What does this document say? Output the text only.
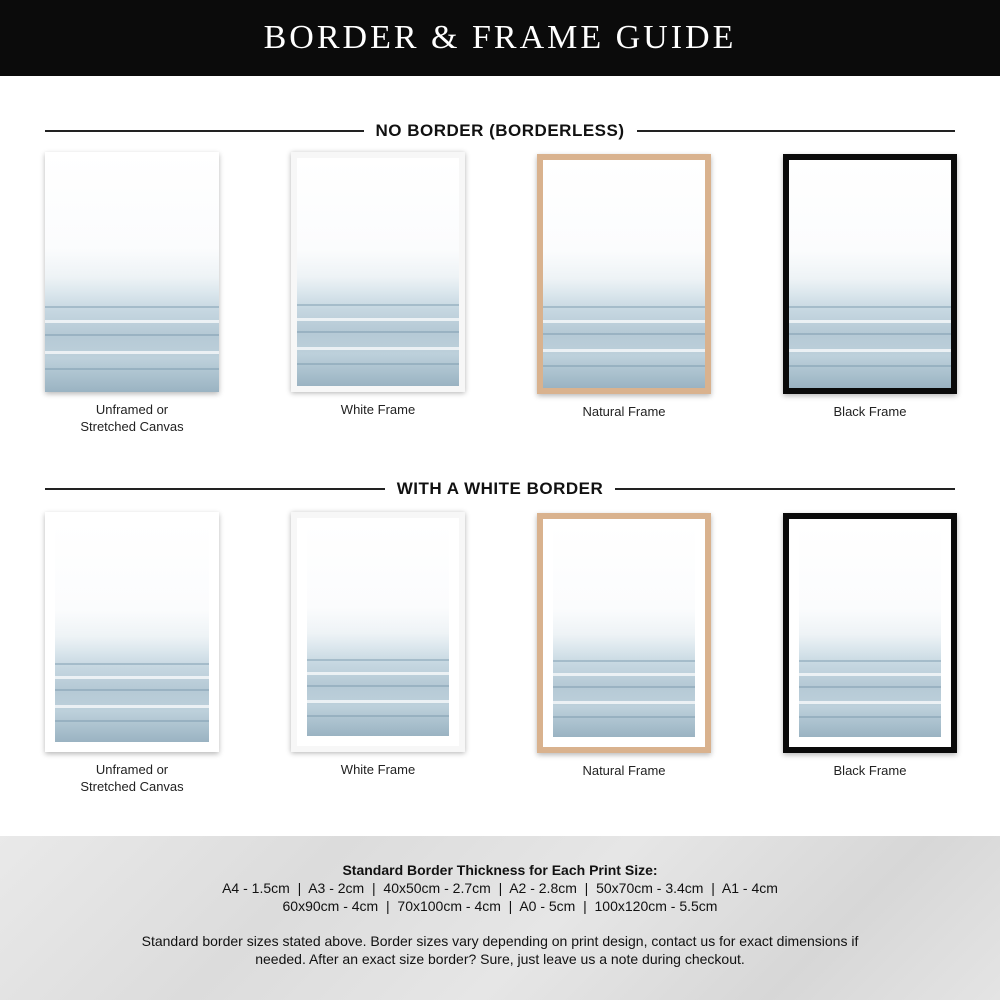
BORDER & FRAME GUIDE
NO BORDER (BORDERLESS)
Unframed or
Stretched Canvas
White Frame	Natural Frame	Black Frame
WITH A WHITE BORDER
Unframed or
Stretched Canvas
White Frame	Natural Frame	Black Frame
Standard Border Thickness for Each Print Size:
A4 - 1.5cm  |  A3 - 2cm  |  40x50cm - 2.7cm  |  A2 - 2.8cm  |  50x70cm - 3.4cm  |  A1 - 4cm
60x90cm - 4cm  |  70x100cm - 4cm  |  A0 - 5cm  |  100x120cm - 5.5cm
Standard border sizes stated above. Border sizes vary depending on print design, contact us for exact dimensions if needed. After an exact size border? Sure, just leave us a note during checkout.
